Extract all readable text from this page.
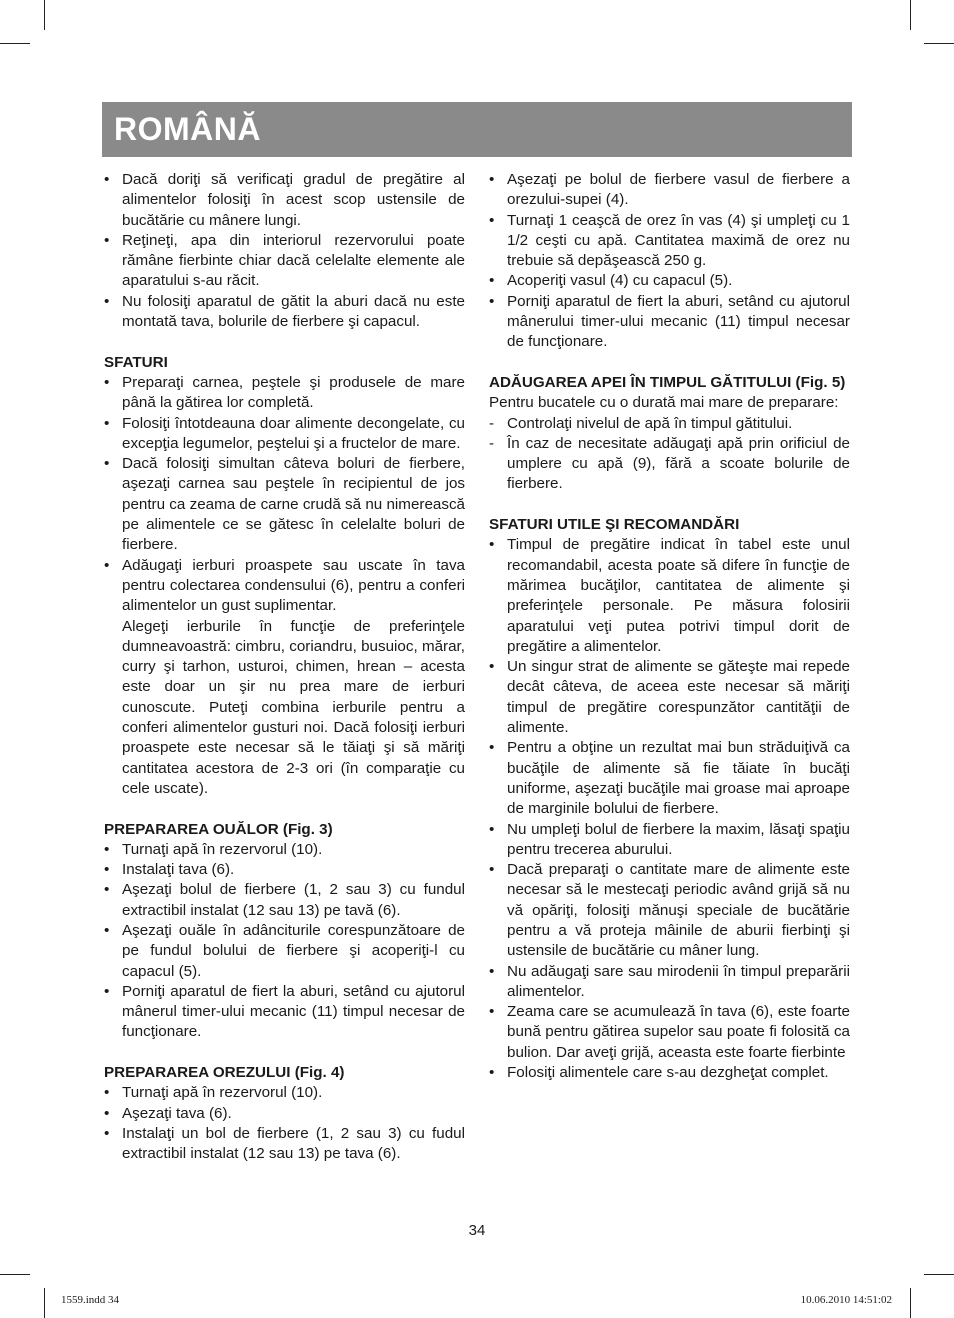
ROMÂNĂ
• Dacă doriţi să verificaţi gradul de pregătire al alimentelor folosiţi în acest scop ustensile de bucătărie cu mânere lungi.
• Reţineţi, apa din interiorul rezervorului poate rămâne fierbinte chiar dacă celelalte elemente ale aparatului s-au răcit.
• Nu folosiţi aparatul de gătit la aburi dacă nu este montată tava, bolurile de fierbere şi capacul.
SFATURI
• Preparaţi carnea, peştele şi produsele de mare până la gătirea lor completă.
• Folosiţi întotdeauna doar alimente decongelate, cu excepţia legumelor, peştelui şi a fructelor de mare.
• Dacă folosiţi simultan câteva boluri de fierbere, aşezaţi carnea sau peştele în recipientul de jos pentru ca zeama de carne crudă să nu nimerească pe alimentele ce se gătesc în celelalte boluri de fierbere.
• Adăugaţi ierburi proaspete sau uscate în tava pentru colectarea condensului (6), pentru a conferi alimentelor un gust suplimentar.
Alegeţi ierburile în funcţie de preferinţele dumneavoastră: cimbru, coriandru, busuioc, mărar, curry şi tarhon, usturoi, chimen, hrean – acesta este doar un şir nu prea mare de ierburi cunoscute. Puteţi combina ierburile pentru a conferi alimentelor gusturi noi. Dacă folosiţi ierburi proaspete este necesar să le tăiaţi şi să măriţi cantitatea acestora de 2-3 ori (în comparaţie cu cele uscate).
PREPARAREA OUĂLOR (Fig. 3)
• Turnaţi apă în rezervorul (10).
• Instalaţi tava (6).
• Aşezaţi bolul de fierbere (1, 2 sau 3) cu fundul extractibil instalat (12 sau 13) pe tavă (6).
• Aşezaţi ouăle în adânciturile corespunzătoare de pe fundul bolului de fierbere şi acoperiţi-l cu capacul (5).
• Porniţi aparatul de fiert la aburi, setând cu ajutorul mânerul timer-ului mecanic (11) timpul necesar de funcţionare.
PREPARAREA OREZULUI (Fig. 4)
• Turnaţi apă în rezervorul (10).
• Aşezaţi tava (6).
• Instalaţi un bol de fierbere (1, 2 sau 3) cu fudul extractibil instalat (12 sau 13) pe tava (6).
• Aşezaţi pe bolul de fierbere vasul de fierbere a orezului-supei (4).
• Turnaţi 1 ceaşcă de orez în vas (4) şi umpleţi cu 1 1/2 ceşti cu apă. Cantitatea maximă de orez nu trebuie să depăşească 250 g.
• Acoperiţi vasul (4) cu capacul (5).
• Porniţi aparatul de fiert la aburi, setând cu ajutorul mânerului timer-ului mecanic (11) timpul necesar de funcţionare.
ADĂUGAREA APEI ÎN TIMPUL GĂTITULUI (Fig. 5)
Pentru bucatele cu o durată mai mare de preparare:
- Controlaţi nivelul de apă în timpul gătitului.
- În caz de necesitate adăugaţi apă prin orificiul de umplere cu apă (9), fără a scoate bolurile de fierbere.
SFATURI UTILE ŞI RECOMANDĂRI
• Timpul de pregătire indicat în tabel este unul recomandabil, acesta poate să difere în funcţie de mărimea bucăţilor, cantitatea de alimente şi preferinţele personale. Pe măsura folosirii aparatului veţi putea potrivi timpul dorit de pregătire a alimentelor.
• Un singur strat de alimente se găteşte mai repede decât câteva, de aceea este necesar să măriţi timpul de pregătire corespunzător cantităţii de alimente.
• Pentru a obţine un rezultat mai bun străduiţivă ca bucăţile de alimente să fie tăiate în bucăţi uniforme, aşezaţi bucăţile mai groase mai aproape de marginile bolului de fierbere.
• Nu umpleţi bolul de fierbere la maxim, lăsaţi spaţiu pentru trecerea aburului.
• Dacă preparaţi o cantitate mare de alimente este necesar să le mestecaţi periodic având grijă să nu vă opăriţi, folosiţi mănuşi speciale de bucătărie pentru a vă proteja mâinile de aburii fierbinţi şi ustensile de bucătărie cu mâner lung.
• Nu adăugaţi sare sau mirodenii în timpul preparării alimentelor.
• Zeama care se acumulează în tava (6), este foarte bună pentru gătirea supelor sau poate fi folosită ca bulion. Dar aveţi grijă, aceasta este foarte fierbinte
• Folosiţi alimentele care s-au dezgheţat complet.
34
1559.indd 34	10.06.2010 14:51:02
